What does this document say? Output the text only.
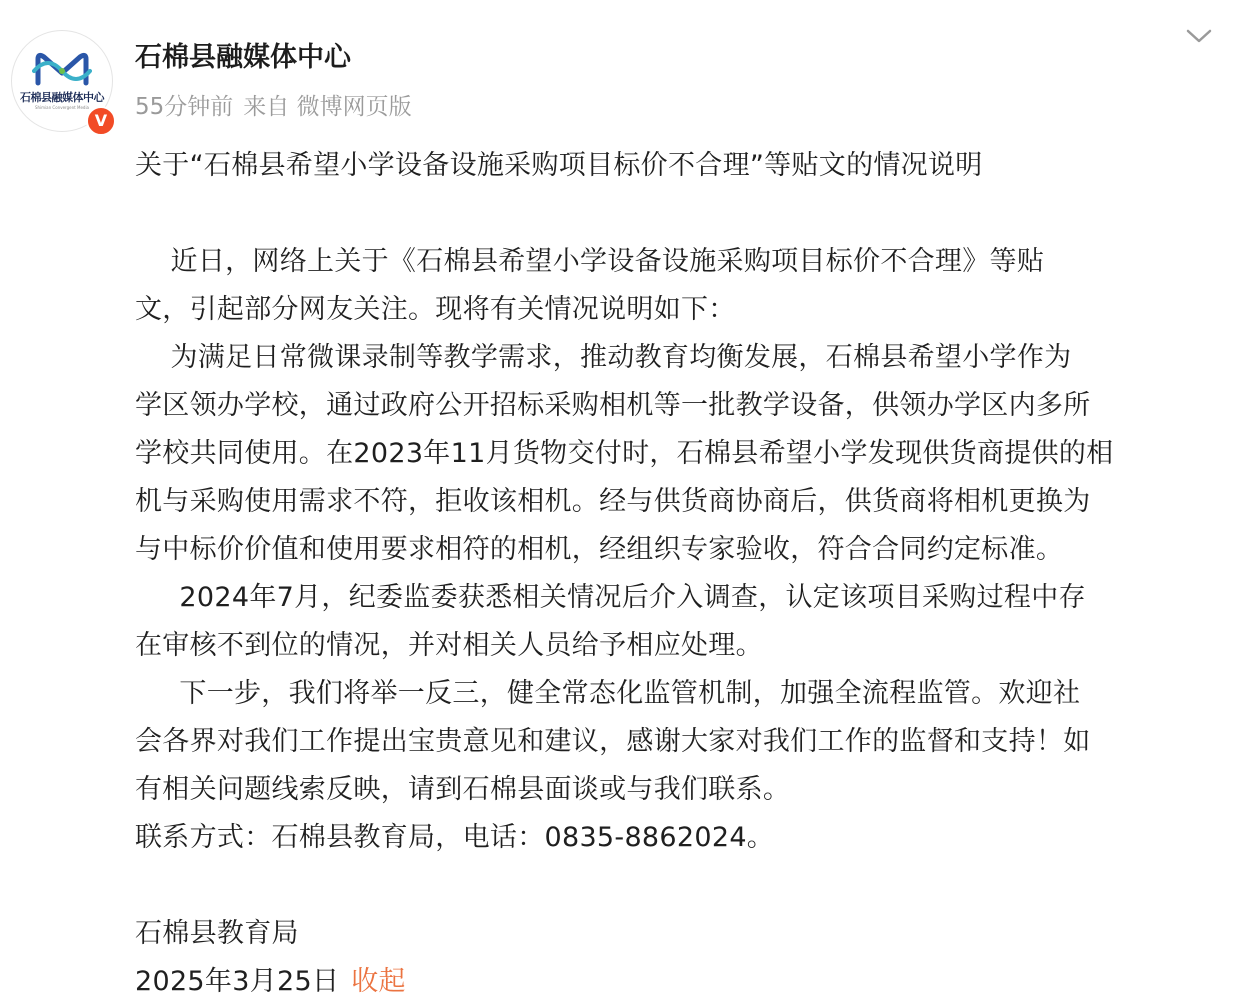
石棉县融媒体中心
Shimian Convergent Media
V
石棉县融媒体中心
55分钟前 来自 微博网页版
关于“石棉县希望小学设备设施采购项目标价不合理”等贴文的情况说明
近日，网络上关于《石棉县希望小学设备设施采购项目标价不合理》等贴
文，引起部分网友关注。现将有关情况说明如下：
为满足日常微课录制等教学需求，推动教育均衡发展，石棉县希望小学作为
学区领办学校，通过政府公开招标采购相机等一批教学设备，供领办学区内多所
学校共同使用。在2023年11月货物交付时，石棉县希望小学发现供货商提供的相
机与采购使用需求不符，拒收该相机。经与供货商协商后，供货商将相机更换为
与中标价价值和使用要求相符的相机，经组织专家验收，符合合同约定标准。
2024年7月，纪委监委获悉相关情况后介入调查，认定该项目采购过程中存
在审核不到位的情况，并对相关人员给予相应处理。
下一步，我们将举一反三，健全常态化监管机制，加强全流程监管。欢迎社
会各界对我们工作提出宝贵意见和建议，感谢大家对我们工作的监督和支持！如
有相关问题线索反映，请到石棉县面谈或与我们联系。
联系方式：石棉县教育局，电话：0835-8862024。
石棉县教育局
2025年3月25日 收起
